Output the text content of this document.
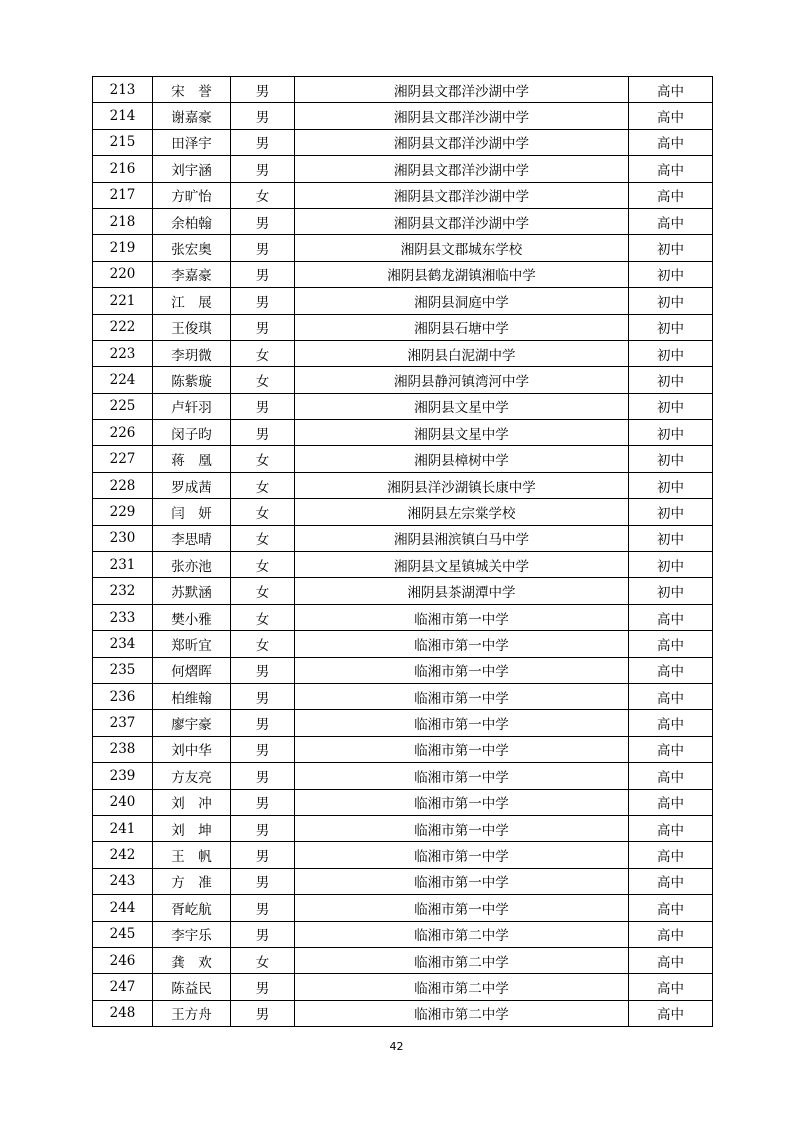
213	宋　誉	男	湘阴县文郡洋沙湖中学	高中
214	谢嘉豪	男	湘阴县文郡洋沙湖中学	高中
215	田泽宇	男	湘阴县文郡洋沙湖中学	高中
216	刘宇涵	男	湘阴县文郡洋沙湖中学	高中
217	方旷怡	女	湘阴县文郡洋沙湖中学	高中
218	余柏翰	男	湘阴县文郡洋沙湖中学	高中
219	张宏奥	男	湘阴县文郡城东学校	初中
220	李嘉豪	男	湘阴县鹤龙湖镇湘临中学	初中
221	江　展	男	湘阴县洞庭中学	初中
222	王俊琪	男	湘阴县石塘中学	初中
223	李玥微	女	湘阴县白泥湖中学	初中
224	陈紫璇	女	湘阴县静河镇湾河中学	初中
225	卢轩羽	男	湘阴县文星中学	初中
226	闵子昀	男	湘阴县文星中学	初中
227	蒋　凰	女	湘阴县樟树中学	初中
228	罗成茜	女	湘阴县洋沙湖镇长康中学	初中
229	闫　妍	女	湘阴县左宗棠学校	初中
230	李思晴	女	湘阴县湘滨镇白马中学	初中
231	张亦池	女	湘阴县文星镇城关中学	初中
232	苏默涵	女	湘阴县茶湖潭中学	初中
233	樊小雅	女	临湘市第一中学	高中
234	郑昕宜	女	临湘市第一中学	高中
235	何熠晖	男	临湘市第一中学	高中
236	柏维翰	男	临湘市第一中学	高中
237	廖宇豪	男	临湘市第一中学	高中
238	刘中华	男	临湘市第一中学	高中
239	方友亮	男	临湘市第一中学	高中
240	刘　冲	男	临湘市第一中学	高中
241	刘　坤	男	临湘市第一中学	高中
242	王　帆	男	临湘市第一中学	高中
243	方　准	男	临湘市第一中学	高中
244	胥屹航	男	临湘市第一中学	高中
245	李宇乐	男	临湘市第二中学	高中
246	龚　欢	女	临湘市第二中学	高中
247	陈益民	男	临湘市第二中学	高中
248	王方舟	男	临湘市第二中学	高中
42
